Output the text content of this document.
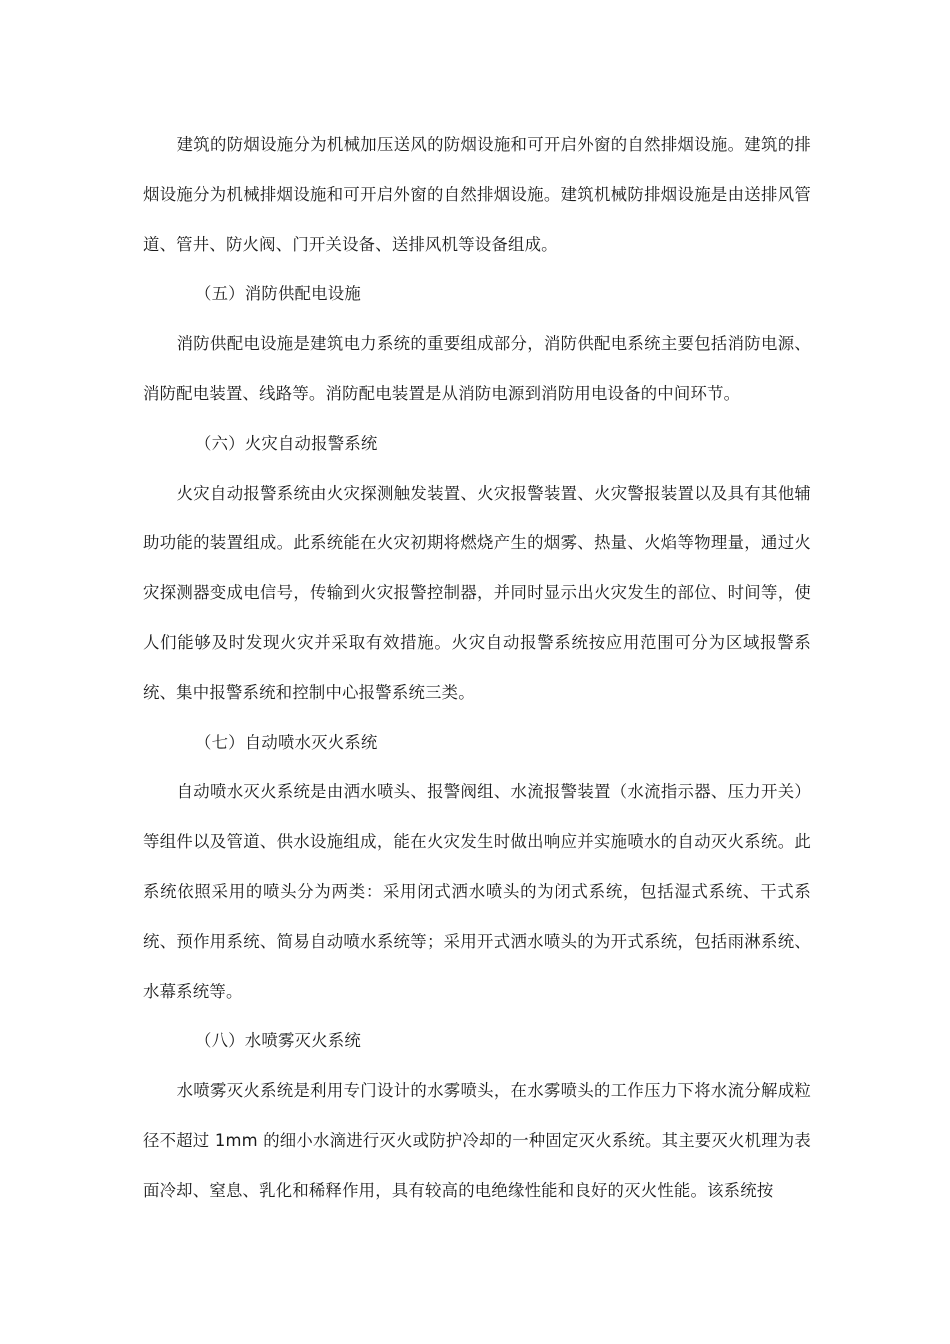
建筑的防烟设施分为机械加压送风的防烟设施和可开启外窗的自然排烟设施。建筑的排烟设施分为机械排烟设施和可开启外窗的自然排烟设施。建筑机械防排烟设施是由送排风管道、管井、防火阀、门开关设备、送排风机等设备组成。

（五）消防供配电设施

消防供配电设施是建筑电力系统的重要组成部分，消防供配电系统主要包括消防电源、消防配电装置、线路等。消防配电装置是从消防电源到消防用电设备的中间环节。

（六）火灾自动报警系统

火灾自动报警系统由火灾探测触发装置、火灾报警装置、火灾警报装置以及具有其他辅助功能的装置组成。此系统能在火灾初期将燃烧产生的烟雾、热量、火焰等物理量，通过火灾探测器变成电信号，传输到火灾报警控制器，并同时显示出火灾发生的部位、时间等，使人们能够及时发现火灾并采取有效措施。火灾自动报警系统按应用范围可分为区域报警系统、集中报警系统和控制中心报警系统三类。

（七）自动喷水灭火系统

自动喷水灭火系统是由洒水喷头、报警阀组、水流报警装置（水流指示器、压力开关）等组件以及管道、供水设施组成，能在火灾发生时做出响应并实施喷水的自动灭火系统。此系统依照采用的喷头分为两类：采用闭式洒水喷头的为闭式系统，包括湿式系统、干式系统、预作用系统、简易自动喷水系统等；采用开式洒水喷头的为开式系统，包括雨淋系统、水幕系统等。

（八）水喷雾灭火系统

水喷雾灭火系统是利用专门设计的水雾喷头，在水雾喷头的工作压力下将水流分解成粒径不超过 1mm 的细小水滴进行灭火或防护冷却的一种固定灭火系统。其主要灭火机理为表面冷却、窒息、乳化和稀释作用，具有较高的电绝缘性能和良好的灭火性能。该系统按
